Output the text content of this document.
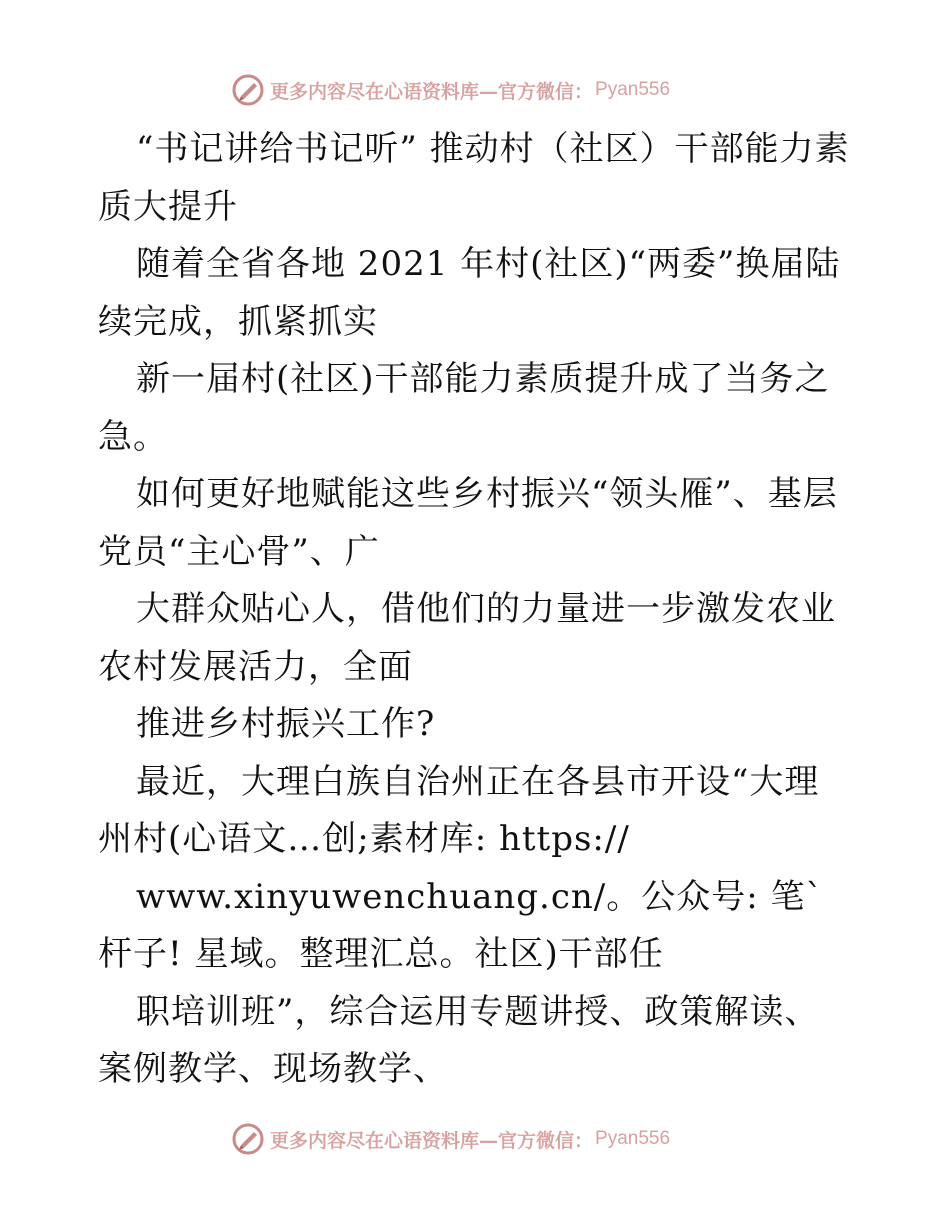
更多内容尽在心语资料库—官方微信： Pyan556

“书记讲给书记听” 推动村（社区）干部能力素质大提升

随着全省各地 2021 年村(社区)“两委”换届陆续完成，抓紧抓实

新一届村(社区)干部能力素质提升成了当务之急。

如何更好地赋能这些乡村振兴“领头雁”、基层党员“主心骨”、广

大群众贴心人，借他们的力量进一步激发农业农村发展活力，全面

推进乡村振兴工作?

最近，大理白族自治州正在各县市开设“大理州村(心语文…创;素材库: https://

www.xinyuwenchuang.cn/。公众号: 笔`杆子! 星域。整理汇总。社区)干部任

职培训班”，综合运用专题讲授、政策解读、案例教学、现场教学、

更多内容尽在心语资料库—官方微信： Pyan556
